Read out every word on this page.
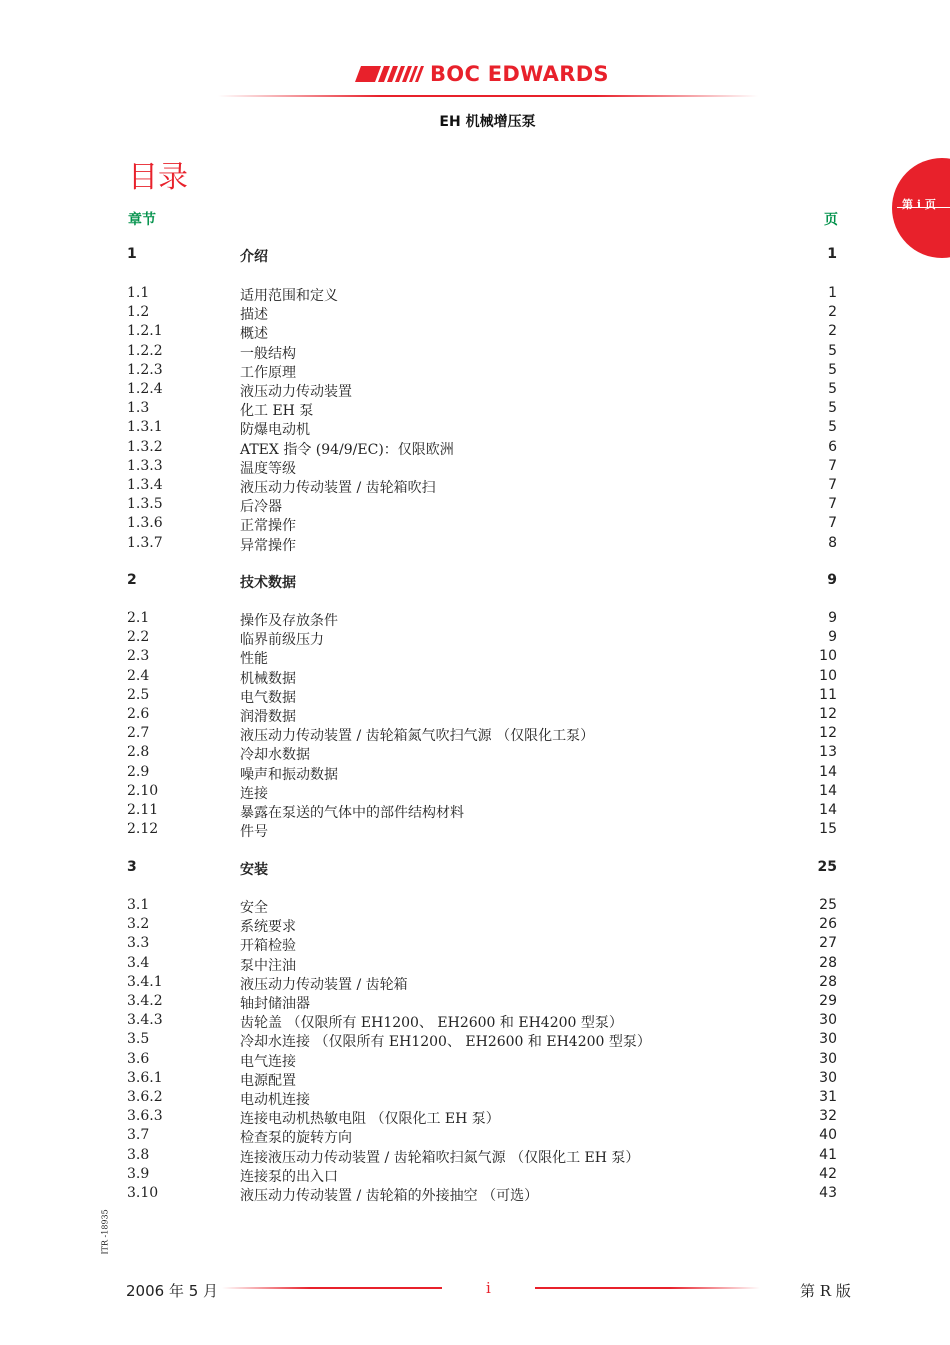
BOC EDWARDS
EH 机械增压泵
目录
第 i 页
章节	页
1	介绍	1
1.1	适用范围和定义	1
1.2	描述	2
1.2.1	概述	2
1.2.2	一般结构	5
1.2.3	工作原理	5
1.2.4	液压动力传动装置	5
1.3	化工 EH 泵	5
1.3.1	防爆电动机	5
1.3.2	ATEX 指令 (94/9/EC)：仅限欧洲	6
1.3.3	温度等级	7
1.3.4	液压动力传动装置 / 齿轮箱吹扫	7
1.3.5	后冷器	7
1.3.6	正常操作	7
1.3.7	异常操作	8
2	技术数据	9
2.1	操作及存放条件	9
2.2	临界前级压力	9
2.3	性能	10
2.4	机械数据	10
2.5	电气数据	11
2.6	润滑数据	12
2.7	液压动力传动装置 / 齿轮箱氮气吹扫气源 （仅限化工泵）	12
2.8	冷却水数据	13
2.9	噪声和振动数据	14
2.10	连接	14
2.11	暴露在泵送的气体中的部件结构材料	14
2.12	件号	15
3	安装	25
3.1	安全	25
3.2	系统要求	26
3.3	开箱检验	27
3.4	泵中注油	28
3.4.1	液压动力传动装置 / 齿轮箱	28
3.4.2	轴封储油器	29
3.4.3	齿轮盖 （仅限所有 EH1200、 EH2600 和 EH4200 型泵）	30
3.5	冷却水连接 （仅限所有 EH1200、 EH2600 和 EH4200 型泵）	30
3.6	电气连接	30
3.6.1	电源配置	30
3.6.2	电动机连接	31
3.6.3	连接电动机热敏电阻 （仅限化工 EH 泵）	32
3.7	检查泵的旋转方向	40
3.8	连接液压动力传动装置 / 齿轮箱吹扫氮气源 （仅限化工 EH 泵）	41
3.9	连接泵的出入口	42
3.10	液压动力传动装置 / 齿轮箱的外接抽空 （可选）	43
ITR -18935
2006 年 5 月	i	第 R 版
